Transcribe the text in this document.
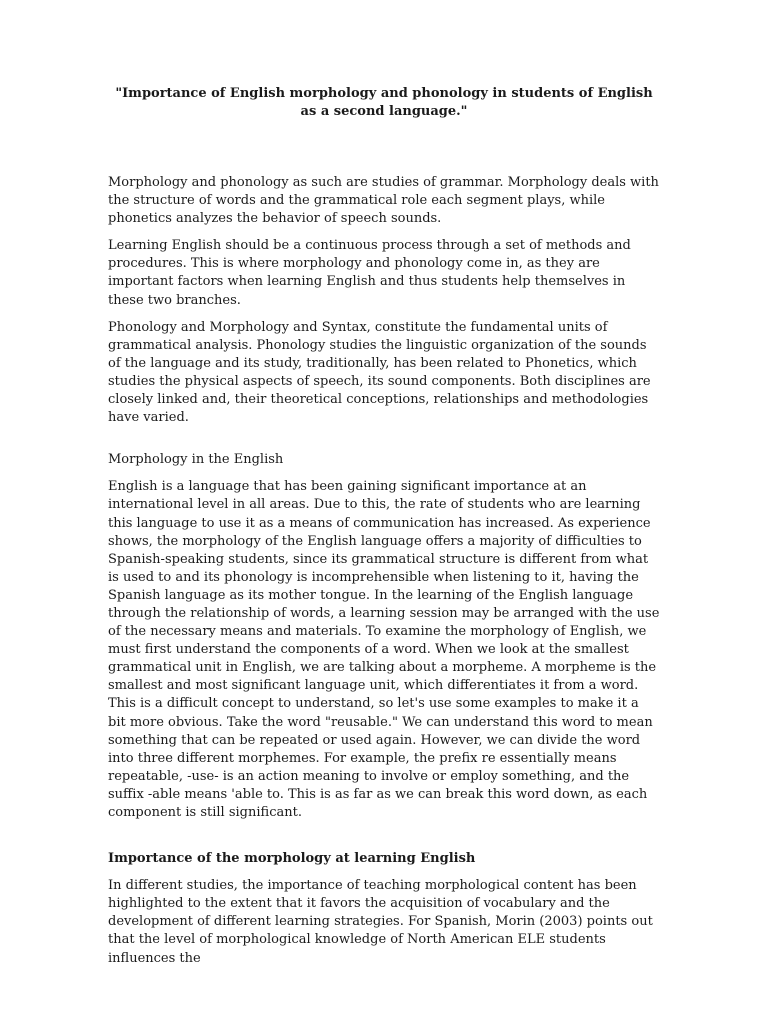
"Importance of English morphology and phonology in students of English as a second language."

Morphology and phonology as such are studies of grammar. Morphology deals with the structure of words and the grammatical role each segment plays, while phonetics analyzes the behavior of speech sounds.

Learning English should be a continuous process through a set of methods and procedures. This is where morphology and phonology come in, as they are important factors when learning English and thus students help themselves in these two branches.

Phonology and Morphology and Syntax, constitute the fundamental units of grammatical analysis. Phonology studies the linguistic organization of the sounds of the language and its study, traditionally, has been related to Phonetics, which studies the physical aspects of speech, its sound components. Both disciplines are closely linked and, their theoretical conceptions, relationships and methodologies have varied.

Morphology in the English

English is a language that has been gaining significant importance at an international level in all areas. Due to this, the rate of students who are learning this language to use it as a means of communication has increased. As experience shows, the morphology of the English language offers a majority of difficulties to Spanish-speaking students, since its grammatical structure is different from what is used to and its phonology is incomprehensible when listening to it, having the Spanish language as its mother tongue. In the learning of the English language through the relationship of words, a learning session may be arranged with the use of the necessary means and materials. To examine the morphology of English, we must first understand the components of a word. When we look at the smallest grammatical unit in English, we are talking about a morpheme. A morpheme is the smallest and most significant language unit, which differentiates it from a word. This is a difficult concept to understand, so let's use some examples to make it a bit more obvious. Take the word "reusable." We can understand this word to mean something that can be repeated or used again. However, we can divide the word into three different morphemes. For example, the prefix re essentially means repeatable, -use- is an action meaning to involve or employ something, and the suffix -able means 'able to. This is as far as we can break this word down, as each component is still significant.

Importance of the morphology at learning English

In different studies, the importance of teaching morphological content has been highlighted to the extent that it favors the acquisition of vocabulary and the development of different learning strategies. For Spanish, Morin (2003) points out that the level of morphological knowledge of North American ELE students influences the
